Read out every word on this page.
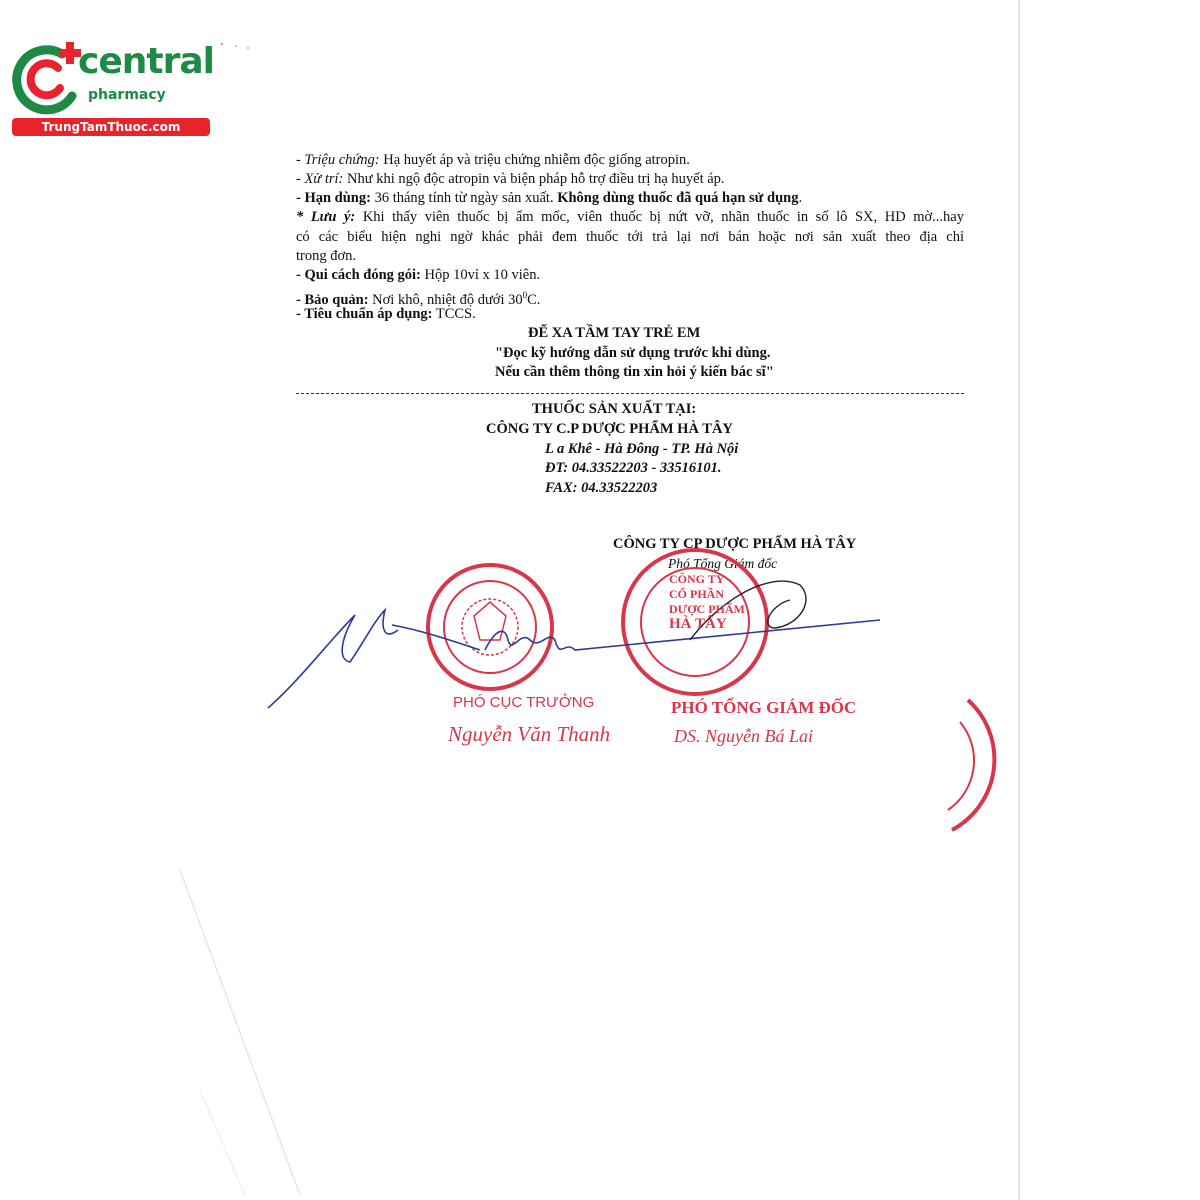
central
pharmacy
TrungTamThuoc.com
- Triệu chứng: Hạ huyết áp và triệu chứng nhiễm độc giống atropin.
- Xử trí: Như khi ngộ độc atropin và biện pháp hỗ trợ điều trị hạ huyết áp.
- Hạn dùng: 36 tháng tính từ ngày sản xuất. Không dùng thuốc đã quá hạn sử dụng.
* Lưu ý: Khi thấy viên thuốc bị ẩm mốc, viên thuốc bị nứt vỡ, nhãn thuốc in số lô SX, HD mờ...hay
có các biểu hiện nghi ngờ khác phải đem thuốc tới trả lại nơi bán hoặc nơi sản xuất theo địa chỉ
trong đơn.
- Qui cách đóng gói: Hộp 10vỉ x 10 viên.
- Bảo quản: Nơi khô, nhiệt độ dưới $30^0C$.
- Tiêu chuẩn áp dụng: TCCS.
ĐỂ XA TẦM TAY TRẺ EM
"Đọc kỹ hướng dẫn sử dụng trước khi dùng.
Nếu cần thêm thông tin xin hỏi ý kiến bác sĩ"
THUỐC SẢN XUẤT TẠI:
CÔNG TY C.P DƯỢC PHẨM HÀ TÂY
L a Khê - Hà Đông - TP. Hà Nội
ĐT: 04.33522203 - 33516101.
FAX: 04.33522203
CÔNG TY CP DƯỢC PHẨM HÀ TÂY
Phó Tổng Giám đốc
CÔNG TY
CỔ PHẦN
DƯỢC PHẨM
HÀ TÂY
PHÓ CỤC TRƯỞNG
Nguyễn Văn Thanh
PHÓ TỔNG GIÁM ĐỐC
DS. Nguyễn Bá Lai
